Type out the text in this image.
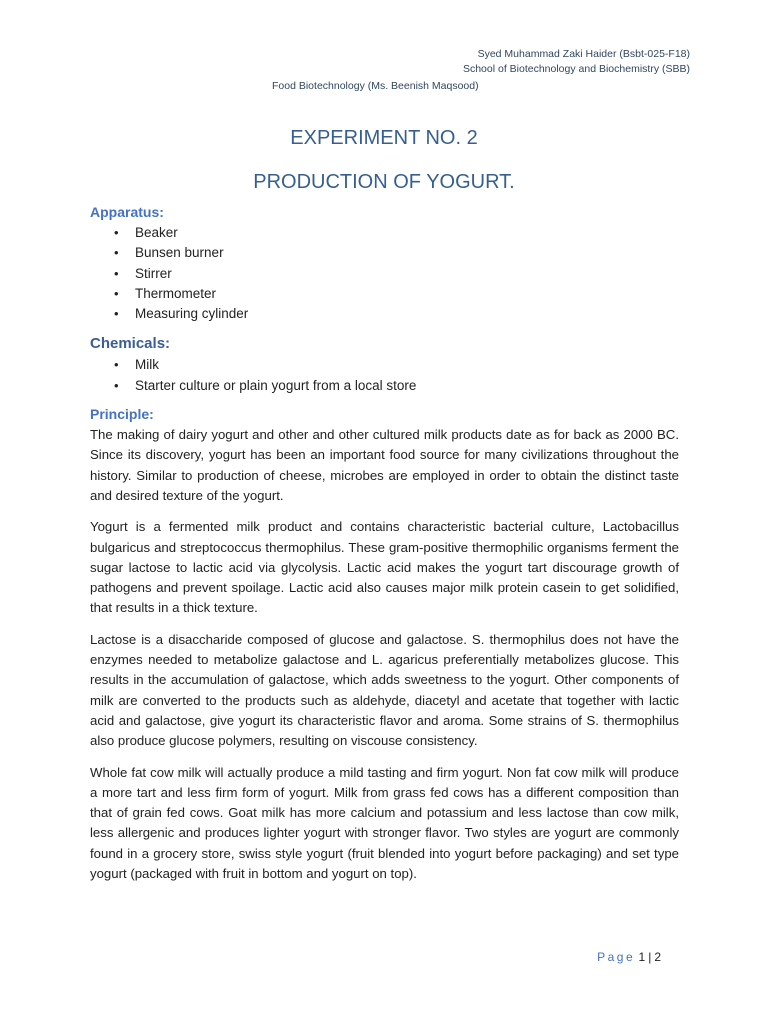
Syed Muhammad Zaki Haider (Bsbt-025-F18)
School of Biotechnology and Biochemistry (SBB)
Food Biotechnology (Ms. Beenish Maqsood)
EXPERIMENT NO. 2
PRODUCTION OF YOGURT.
Apparatus:
• Beaker
• Bunsen burner
• Stirrer
• Thermometer
• Measuring cylinder
Chemicals:
• Milk
• Starter culture or plain yogurt from a local store
Principle:

The making of dairy yogurt and other and other cultured milk products date as for back as 2000 BC. Since its discovery, yogurt has been an important food source for many civilizations throughout the history. Similar to production of cheese, microbes are employed in order to obtain the distinct taste and desired texture of the yogurt.

Yogurt is a fermented milk product and contains characteristic bacterial culture, Lactobacillus bulgaricus and streptococcus thermophilus. These gram-positive thermophilic organisms ferment the sugar lactose to lactic acid via glycolysis. Lactic acid makes the yogurt tart discourage growth of pathogens and prevent spoilage. Lactic acid also causes major milk protein casein to get solidified, that results in a thick texture.

Lactose is a disaccharide composed of glucose and galactose. S. thermophilus does not have the enzymes needed to metabolize galactose and L. agaricus preferentially metabolizes glucose. This results in the accumulation of galactose, which adds sweetness to the yogurt. Other components of milk are converted to the products such as aldehyde, diacetyl and acetate that together with lactic acid and galactose, give yogurt its characteristic flavor and aroma. Some strains of S. thermophilus also produce glucose polymers, resulting on viscouse consistency.

Whole fat cow milk will actually produce a mild tasting and firm yogurt. Non fat cow milk will produce a more tart and less firm form of yogurt. Milk from grass fed cows has a different composition than that of grain fed cows. Goat milk has more calcium and potassium and less lactose than cow milk, less allergenic and produces lighter yogurt with stronger flavor. Two styles are yogurt are commonly found in a grocery store, swiss style yogurt (fruit blended into yogurt before packaging) and set type yogurt (packaged with fruit in bottom and yogurt on top).

Page 1 | 2
